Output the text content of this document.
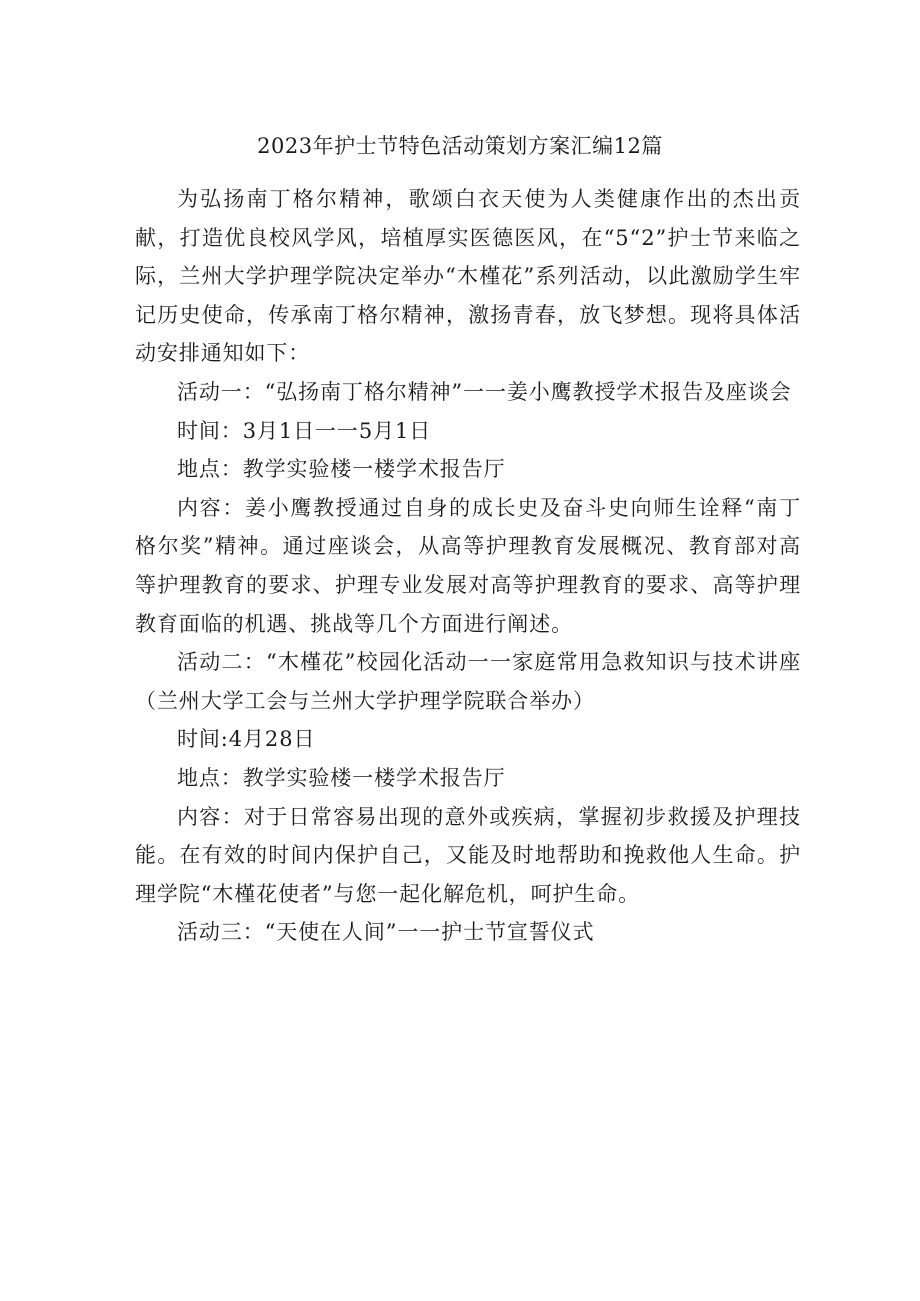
2023年护士节特色活动策划方案汇编12篇

为弘扬南丁格尔精神，歌颂白衣天使为人类健康作出的杰出贡献，打造优良校风学风，培植厚实医德医风，在“5“2”护士节来临之际，兰州大学护理学院决定举办“木槿花”系列活动，以此激励学生牢记历史使命，传承南丁格尔精神，激扬青春，放飞梦想。现将具体活动安排通知如下：

活动一：“弘扬南丁格尔精神”一一姜小鹰教授学术报告及座谈会

时间：3月1日一一5月1日

地点：教学实验楼一楼学术报告厅

内容：姜小鹰教授通过自身的成长史及奋斗史向师生诠释“南丁格尔奖”精神。通过座谈会，从高等护理教育发展概况、教育部对高等护理教育的要求、护理专业发展对高等护理教育的要求、高等护理教育面临的机遇、挑战等几个方面进行阐述。

活动二：“木槿花”校园化活动一一家庭常用急救知识与技术讲座（兰州大学工会与兰州大学护理学院联合举办）

时间:4月28日

地点：教学实验楼一楼学术报告厅

内容：对于日常容易出现的意外或疾病，掌握初步救援及护理技能。在有效的时间内保护自己，又能及时地帮助和挽救他人生命。护理学院“木槿花使者”与您一起化解危机，呵护生命。

活动三：“天使在人间”一一护士节宣誓仪式
